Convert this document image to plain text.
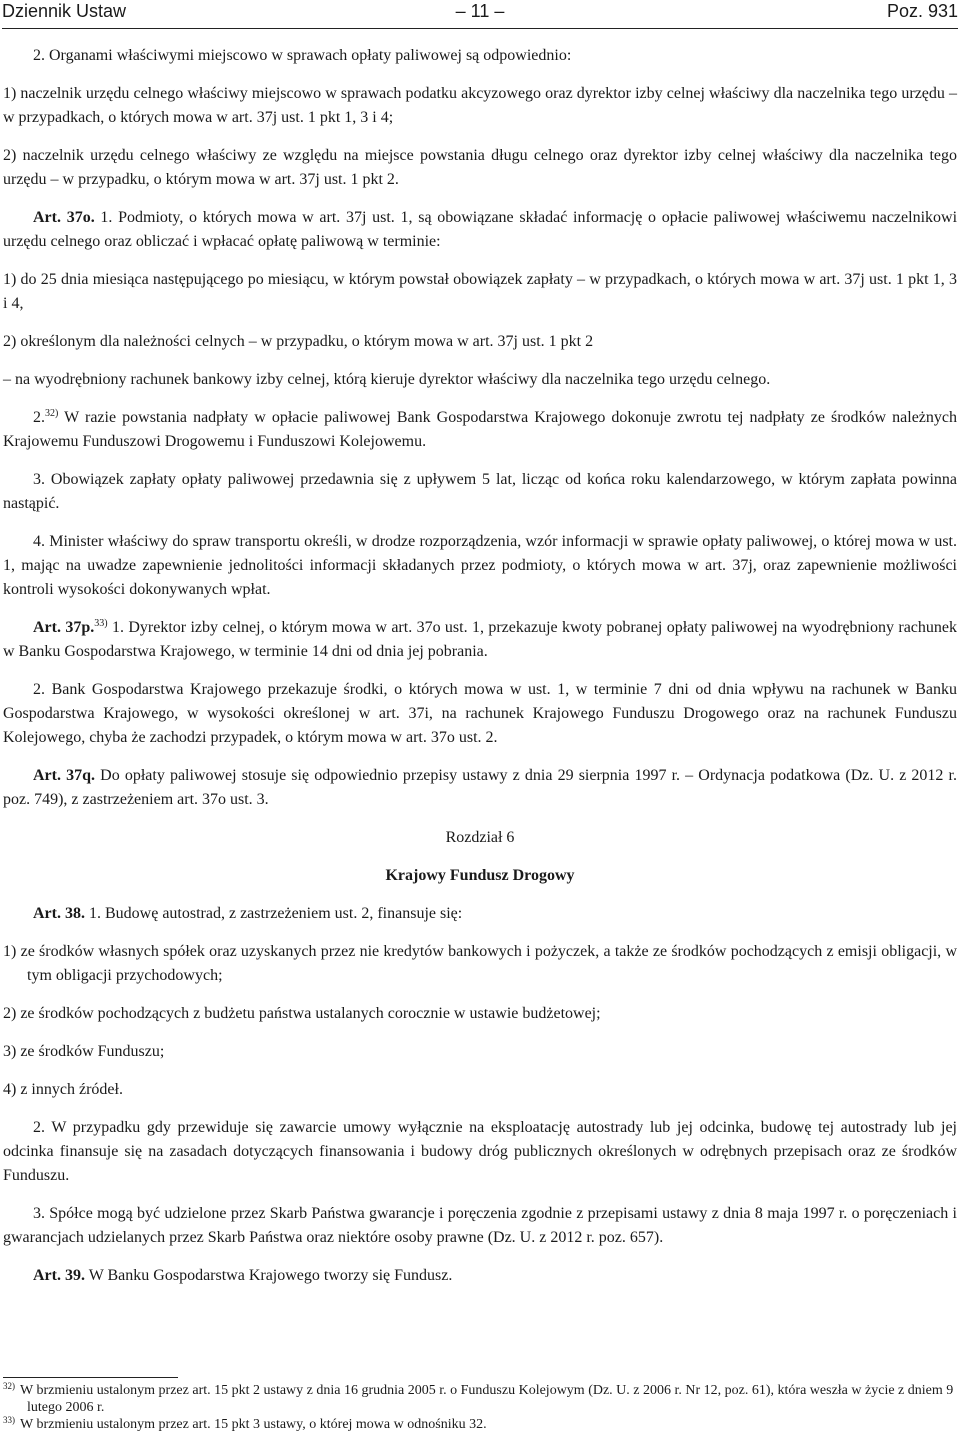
Dziennik Ustaw	– 11 –	Poz. 931

2. Organami właściwymi miejscowo w sprawach opłaty paliwowej są odpowiednio:

1) naczelnik urzędu celnego właściwy miejscowo w sprawach podatku akcyzowego oraz dyrektor izby celnej właściwy dla naczelnika tego urzędu – w przypadkach, o których mowa w art. 37j ust. 1 pkt 1, 3 i 4;

2) naczelnik urzędu celnego właściwy ze względu na miejsce powstania długu celnego oraz dyrektor izby celnej właściwy dla naczelnika tego urzędu – w przypadku, o którym mowa w art. 37j ust. 1 pkt 2.

Art. 37o. 1. Podmioty, o których mowa w art. 37j ust. 1, są obowiązane składać informację o opłacie paliwowej właściwemu naczelnikowi urzędu celnego oraz obliczać i wpłacać opłatę paliwową w terminie:

1) do 25 dnia miesiąca następującego po miesiącu, w którym powstał obowiązek zapłaty – w przypadkach, o których mowa w art. 37j ust. 1 pkt 1, 3 i 4,

2) określonym dla należności celnych – w przypadku, o którym mowa w art. 37j ust. 1 pkt 2

– na wyodrębniony rachunek bankowy izby celnej, którą kieruje dyrektor właściwy dla naczelnika tego urzędu celnego.

2.$^{32)}$ W razie powstania nadpłaty w opłacie paliwowej Bank Gospodarstwa Krajowego dokonuje zwrotu tej nadpłaty ze środków należnych Krajowemu Funduszowi Drogowemu i Funduszowi Kolejowemu.

3. Obowiązek zapłaty opłaty paliwowej przedawnia się z upływem 5 lat, licząc od końca roku kalendarzowego, w którym zapłata powinna nastąpić.

4. Minister właściwy do spraw transportu określi, w drodze rozporządzenia, wzór informacji w sprawie opłaty paliwowej, o której mowa w ust. 1, mając na uwadze zapewnienie jednolitości informacji składanych przez podmioty, o których mowa w art. 37j, oraz zapewnienie możliwości kontroli wysokości dokonywanych wpłat.

Art. 37p.$^{33)}$ 1. Dyrektor izby celnej, o którym mowa w art. 37o ust. 1, przekazuje kwoty pobranej opłaty paliwowej na wyodrębniony rachunek w Banku Gospodarstwa Krajowego, w terminie 14 dni od dnia jej pobrania.

2. Bank Gospodarstwa Krajowego przekazuje środki, o których mowa w ust. 1, w terminie 7 dni od dnia wpływu na rachunek w Banku Gospodarstwa Krajowego, w wysokości określonej w art. 37i, na rachunek Krajowego Funduszu Drogowego oraz na rachunek Funduszu Kolejowego, chyba że zachodzi przypadek, o którym mowa w art. 37o ust. 2.

Art. 37q. Do opłaty paliwowej stosuje się odpowiednio przepisy ustawy z dnia 29 sierpnia 1997 r. – Ordynacja podatkowa (Dz. U. z 2012 r. poz. 749), z zastrzeżeniem art. 37o ust. 3.

Rozdział 6

Krajowy Fundusz Drogowy

Art. 38. 1. Budowę autostrad, z zastrzeżeniem ust. 2, finansuje się:

1) ze środków własnych spółek oraz uzyskanych przez nie kredytów bankowych i pożyczek, a także ze środków pochodzących z emisji obligacji, w tym obligacji przychodowych;

2) ze środków pochodzących z budżetu państwa ustalanych corocznie w ustawie budżetowej;

3) ze środków Funduszu;

4) z innych źródeł.

2. W przypadku gdy przewiduje się zawarcie umowy wyłącznie na eksploatację autostrady lub jej odcinka, budowę tej autostrady lub jej odcinka finansuje się na zasadach dotyczących finansowania i budowy dróg publicznych określonych w odrębnych przepisach oraz ze środków Funduszu.

3. Spółce mogą być udzielone przez Skarb Państwa gwarancje i poręczenia zgodnie z przepisami ustawy z dnia 8 maja 1997 r. o poręczeniach i gwarancjach udzielanych przez Skarb Państwa oraz niektóre osoby prawne (Dz. U. z 2012 r. poz. 657).

Art. 39. W Banku Gospodarstwa Krajowego tworzy się Fundusz.

$^{32)}$ W brzmieniu ustalonym przez art. 15 pkt 2 ustawy z dnia 16 grudnia 2005 r. o Funduszu Kolejowym (Dz. U. z 2006 r. Nr 12, poz. 61), która weszła w życie z dniem 9 lutego 2006 r.
$^{33)}$ W brzmieniu ustalonym przez art. 15 pkt 3 ustawy, o której mowa w odnośniku 32.
